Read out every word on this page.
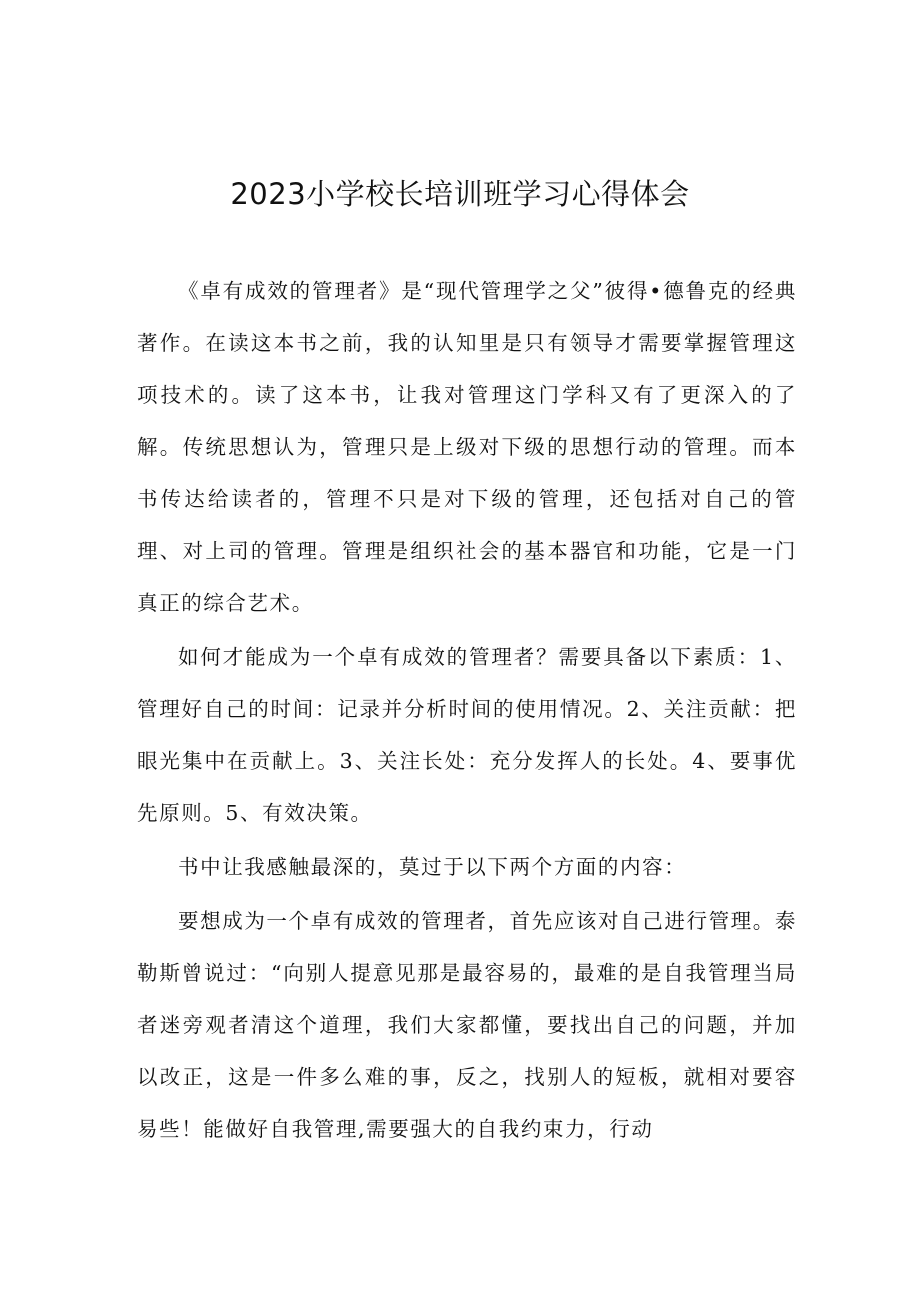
2023小学校长培训班学习心得体会

《卓有成效的管理者》是“现代管理学之父”彼得•德鲁克的经典著作。在读这本书之前，我的认知里是只有领导才需要掌握管理这项技术的。读了这本书，让我对管理这门学科又有了更深入的了解。传统思想认为，管理只是上级对下级的思想行动的管理。而本书传达给读者的，管理不只是对下级的管理，还包括对自己的管理、对上司的管理。管理是组织社会的基本器官和功能，它是一门真正的综合艺术。

如何才能成为一个卓有成效的管理者？需要具备以下素质：1、管理好自己的时间：记录并分析时间的使用情况。2、关注贡献：把眼光集中在贡献上。3、关注长处：充分发挥人的长处。4、要事优先原则。5、有效决策。

书中让我感触最深的，莫过于以下两个方面的内容：

要想成为一个卓有成效的管理者，首先应该对自己进行管理。泰勒斯曾说过：“向别人提意见那是最容易的，最难的是自我管理当局者迷旁观者清这个道理，我们大家都懂，要找出自己的问题，并加以改正，这是一件多么难的事，反之，找别人的短板，就相对要容易些！能做好自我管理,需要强大的自我约束力，行动
